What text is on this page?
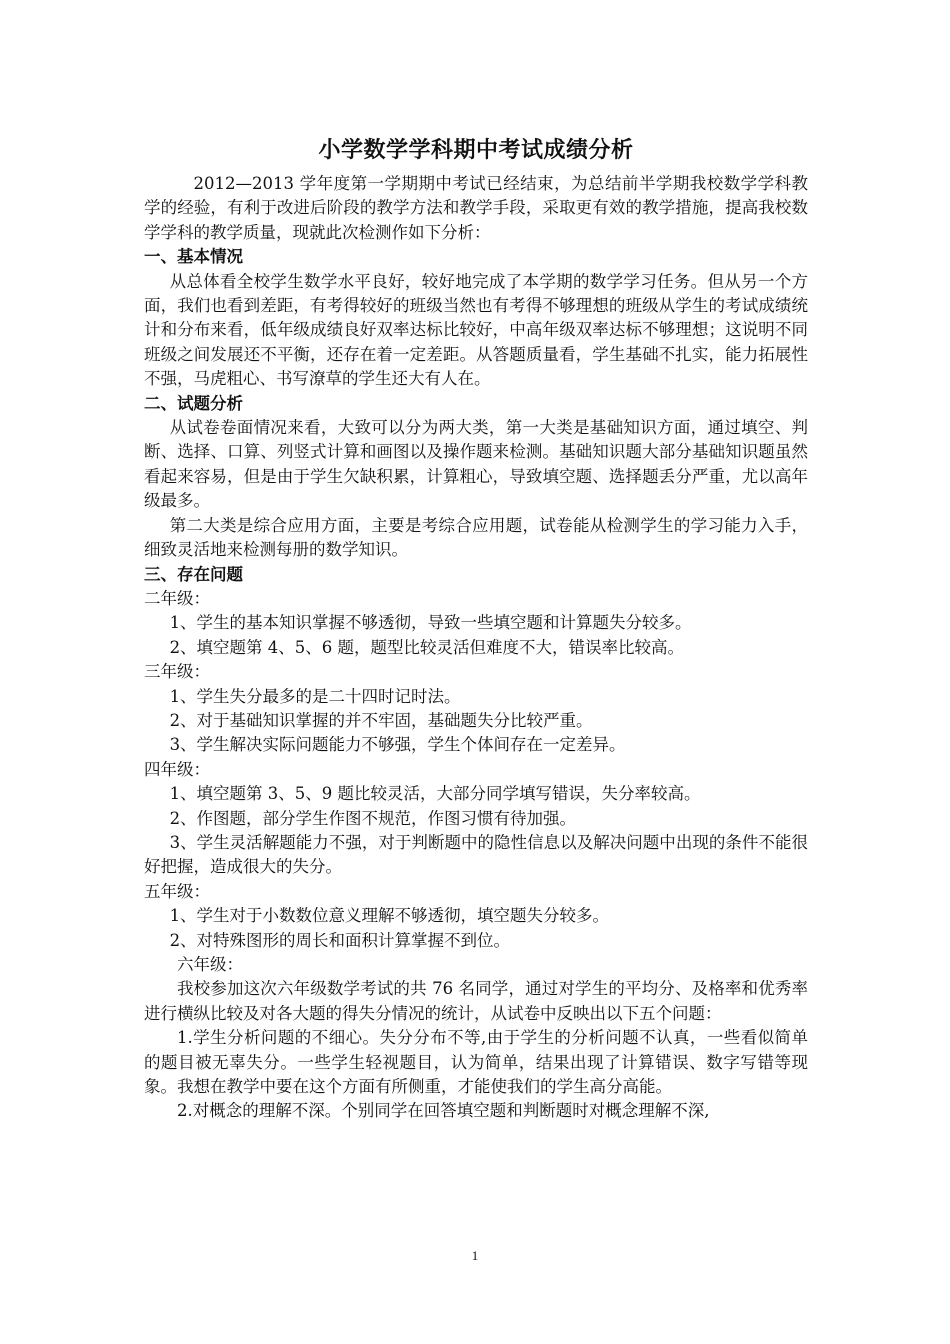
小学数学学科期中考试成绩分析

2012—2013 学年度第一学期期中考试已经结束，为总结前半学期我校数学学科教学的经验，有利于改进后阶段的教学方法和教学手段，采取更有效的教学措施，提高我校数学学科的教学质量，现就此次检测作如下分析：

一、基本情况

从总体看全校学生数学水平良好，较好地完成了本学期的数学学习任务。但从另一个方面，我们也看到差距，有考得较好的班级当然也有考得不够理想的班级从学生的考试成绩统计和分布来看，低年级成绩良好双率达标比较好，中高年级双率达标不够理想；这说明不同班级之间发展还不平衡，还存在着一定差距。从答题质量看，学生基础不扎实，能力拓展性不强，马虎粗心、书写潦草的学生还大有人在。

二、试题分析

从试卷卷面情况来看，大致可以分为两大类，第一大类是基础知识方面，通过填空、判断、选择、口算、列竖式计算和画图以及操作题来检测。基础知识题大部分基础知识题虽然看起来容易，但是由于学生欠缺积累，计算粗心，导致填空题、选择题丢分严重，尤以高年级最多。

第二大类是综合应用方面，主要是考综合应用题，试卷能从检测学生的学习能力入手，细致灵活地来检测每册的数学知识。

三、存在问题
二年级：

1、学生的基本知识掌握不够透彻，导致一些填空题和计算题失分较多。

2、填空题第 4、5、6 题，题型比较灵活但难度不大，错误率比较高。

三年级：

1、学生失分最多的是二十四时记时法。

2、对于基础知识掌握的并不牢固，基础题失分比较严重。

3、学生解决实际问题能力不够强，学生个体间存在一定差异。

四年级：

1、填空题第 3、5、9 题比较灵活，大部分同学填写错误，失分率较高。

2、作图题，部分学生作图不规范，作图习惯有待加强。

3、学生灵活解题能力不强，对于判断题中的隐性信息以及解决问题中出现的条件不能很好把握，造成很大的失分。

五年级：

1、学生对于小数数位意义理解不够透彻，填空题失分较多。

2、对特殊图形的周长和面积计算掌握不到位。

六年级：

我校参加这次六年级数学考试的共 76 名同学，通过对学生的平均分、及格率和优秀率进行横纵比较及对各大题的得失分情况的统计，从试卷中反映出以下五个问题：

1.学生分析问题的不细心。失分分布不等,由于学生的分析问题不认真，一些看似简单的题目被无辜失分。一些学生轻视题目，认为简单，结果出现了计算错误、数字写错等现象。我想在教学中要在这个方面有所侧重，才能使我们的学生高分高能。

2.对概念的理解不深。个别同学在回答填空题和判断题时对概念理解不深,

1
